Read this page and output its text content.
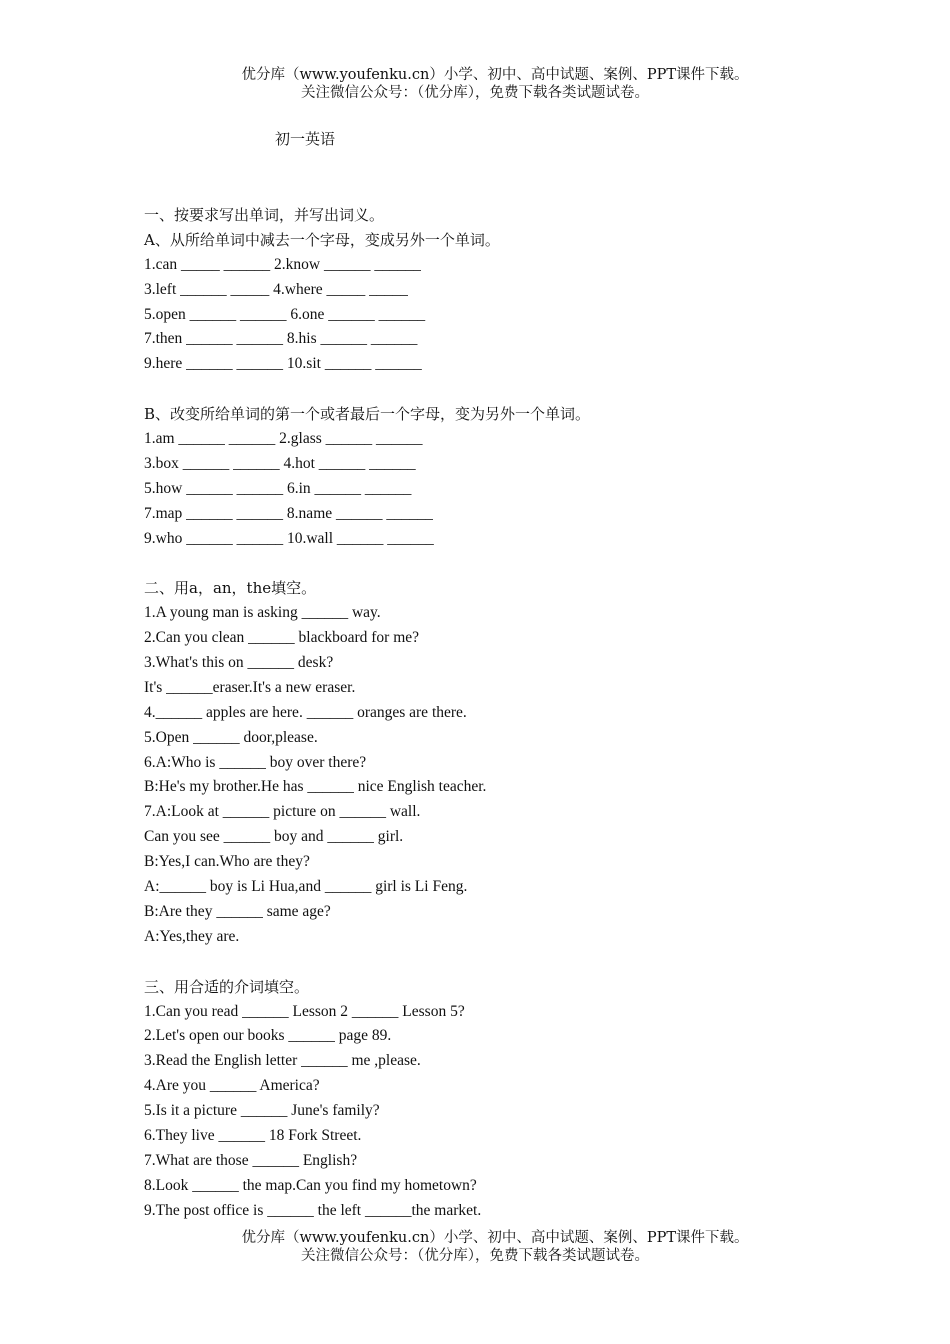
优分库（www.youfenku.cn）小学、初中、高中试题、案例、PPT课件下载。
关注微信公众号：（优分库），免费下载各类试题试卷。
初一英语
一、按要求写出单词，并写出词义。
A、从所给单词中减去一个字母，变成另外一个单词。
1.can _____ ______ 2.know ______ ______
3.left ______ _____ 4.where _____ _____
5.open ______ ______ 6.one ______ ______
7.then ______ ______ 8.his ______ ______
9.here ______ ______ 10.sit ______ ______
B、改变所给单词的第一个或者最后一个字母，变为另外一个单词。
1.am ______ ______ 2.glass ______ ______
3.box ______ ______ 4.hot ______ ______
5.how ______ ______ 6.in ______ ______
7.map ______ ______ 8.name ______ ______
9.who ______ ______ 10.wall ______ ______
二、用a，an，the填空。
1.A young man is asking ______ way.
2.Can you clean ______ blackboard for me?
3.What's this on ______ desk?
It's ______eraser.It's a new eraser.
4.______ apples are here. ______ oranges are there.
5.Open ______ door,please.
6.A:Who is ______ boy over there?
B:He's my brother.He has ______ nice English teacher.
7.A:Look at ______ picture on ______ wall.
Can you see ______ boy and ______ girl.
B:Yes,I can.Who are they?
A:______ boy is Li Hua,and ______ girl is Li Feng.
B:Are they ______ same age?
A:Yes,they are.
三、用合适的介词填空。
1.Can you read ______ Lesson 2 ______ Lesson 5?
2.Let's open our books ______ page 89.
3.Read the English letter ______ me ,please.
4.Are you ______ America?
5.Is it a picture ______ June's family?
6.They live ______ 18 Fork Street.
7.What are those ______ English?
8.Look ______ the map.Can you find my hometown?
9.The post office is ______ the left ______the market.
优分库（www.youfenku.cn）小学、初中、高中试题、案例、PPT课件下载。
关注微信公众号：（优分库），免费下载各类试题试卷。
